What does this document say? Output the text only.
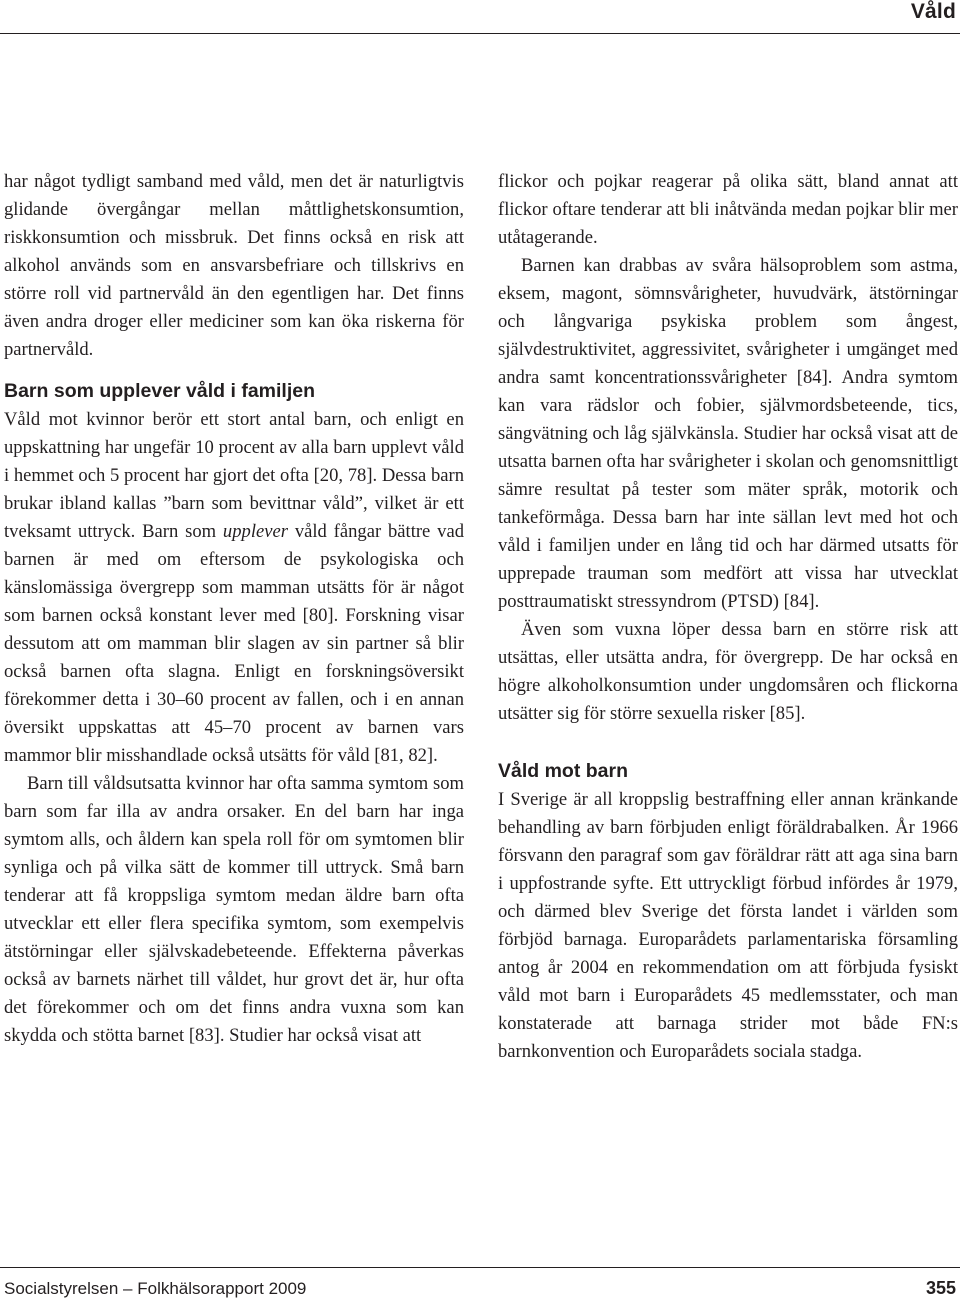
Våld

har något tydligt samband med våld, men det är naturligtvis glidande övergångar mellan måttlighetskonsumtion, riskkonsumtion och missbruk. Det finns också en risk att alkohol används som en ansvarsbefriare och tillskrivs en större roll vid partnervåld än den egentligen har. Det finns även andra droger eller mediciner som kan öka riskerna för partnervåld.

Barn som upplever våld i familjen

Våld mot kvinnor berör ett stort antal barn, och enligt en uppskattning har ungefär 10 procent av alla barn upplevt våld i hemmet och 5 procent har gjort det ofta [20, 78]. Dessa barn brukar ibland kallas ”barn som bevittnar våld”, vilket är ett tveksamt uttryck. Barn som upplever våld fångar bättre vad barnen är med om eftersom de psykologiska och känslomässiga övergrepp som mamman utsätts för är något som barnen också konstant lever med [80]. Forskning visar dessutom att om mamman blir slagen av sin partner så blir också barnen ofta slagna. Enligt en forskningsöversikt förekommer detta i 30–60 procent av fallen, och i en annan översikt uppskattas att 45–70 procent av barnen vars mammor blir misshandlade också utsätts för våld [81, 82].

Barn till våldsutsatta kvinnor har ofta samma symtom som barn som far illa av andra orsaker. En del barn har inga symtom alls, och åldern kan spela roll för om symtomen blir synliga och på vilka sätt de kommer till uttryck. Små barn tenderar att få kroppsliga symtom medan äldre barn ofta utvecklar ett eller flera specifika symtom, som exempelvis ätstörningar eller självskadebeteende. Effekterna påverkas också av barnets närhet till våldet, hur grovt det är, hur ofta det förekommer och om det finns andra vuxna som kan skydda och stötta barnet [83]. Studier har också visat att

flickor och pojkar reagerar på olika sätt, bland annat att flickor oftare tenderar att bli inåtvända medan pojkar blir mer utåtagerande.

Barnen kan drabbas av svåra hälsoproblem som astma, eksem, magont, sömnsvårigheter, huvudvärk, ätstörningar och långvariga psykiska problem som ångest, självdestruktivitet, aggressivitet, svårigheter i umgänget med andra samt koncentrationssvårigheter [84]. Andra symtom kan vara rädslor och fobier, självmordsbeteende, tics, sängvätning och låg självkänsla. Studier har också visat att de utsatta barnen ofta har svårigheter i skolan och genomsnittligt sämre resultat på tester som mäter språk, motorik och tankeförmåga. Dessa barn har inte sällan levt med hot och våld i familjen under en lång tid och har därmed utsatts för upprepade trauman som medfört att vissa har utvecklat posttraumatiskt stressyndrom (PTSD) [84].

Även som vuxna löper dessa barn en större risk att utsättas, eller utsätta andra, för övergrepp. De har också en högre alkoholkonsumtion under ungdomsåren och flickorna utsätter sig för större sexuella risker [85].

Våld mot barn

I Sverige är all kroppslig bestraffning eller annan kränkande behandling av barn förbjuden enligt föräldrabalken. År 1966 försvann den paragraf som gav föräldrar rätt att aga sina barn i uppfostrande syfte. Ett uttryckligt förbud infördes år 1979, och därmed blev Sverige det första landet i världen som förbjöd barnaga. Europarådets parlamentariska församling antog år 2004 en rekommendation om att förbjuda fysiskt våld mot barn i Europarådets 45 medlemsstater, och man konstaterade att barnaga strider mot både FN:s barnkonvention och Europarådets sociala stadga.

Socialstyrelsen – Folkhälsorapport 2009	355
